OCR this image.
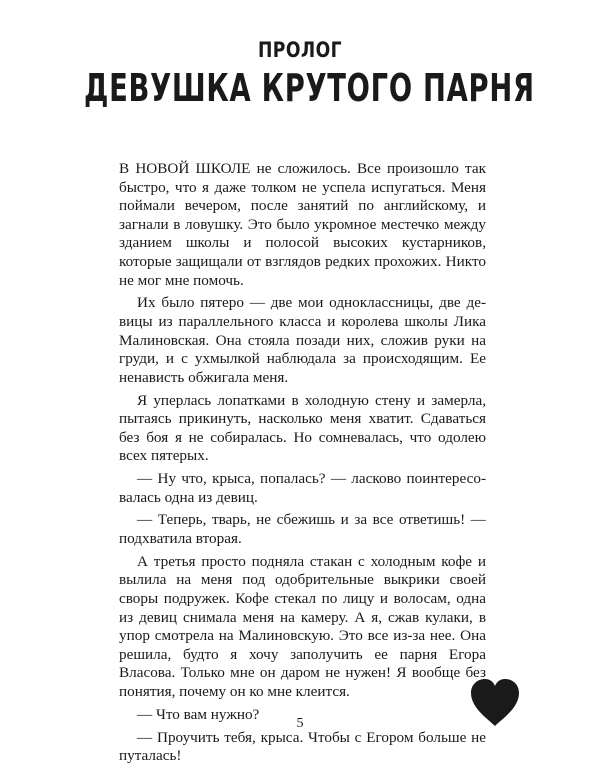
ПРОЛОГ
ДЕВУШКА КРУТОГО ПАРНЯ

В НОВОЙ ШКОЛЕ не сложилось. Все произошло так быстро, что я даже толком не успела испугаться. Меня поймали вечером, после занятий по английскому, и загнали в ловушку. Это было укромное местечко между зданием школы и полосой высоких кустарников, которые защищали от взглядов редких прохожих. Никто не мог мне помочь.

Их было пятеро — две мои одноклассницы, две девицы из параллельного класса и королева школы Лика Малиновская. Она стояла позади них, сложив руки на груди, и с ухмылкой наблюдала за происходящим. Ее ненависть обжигала меня.

Я уперлась лопатками в холодную стену и замерла, пытаясь прикинуть, насколько меня хватит. Сдаваться без боя я не собиралась. Но сомневалась, что одолею всех пятерых.

— Ну что, крыса, попалась? — ласково поинтересовалась одна из девиц.

— Теперь, тварь, не сбежишь и за все ответишь! — подхватила вторая.

А третья просто подняла стакан с холодным кофе и вылила на меня под одобрительные выкрики своей своры подружек. Кофе стекал по лицу и волосам, одна из девиц снимала меня на камеру. А я, сжав кулаки, в упор смотрела на Малиновскую. Это все из-за нее. Она решила, будто я хочу заполучить ее парня Егора Власова. Только мне он даром не нужен! Я вообще без понятия, почему он ко мне клеится.

— Что вам нужно?

— Проучить тебя, крыса. Чтобы с Егором больше не путалась!

5
